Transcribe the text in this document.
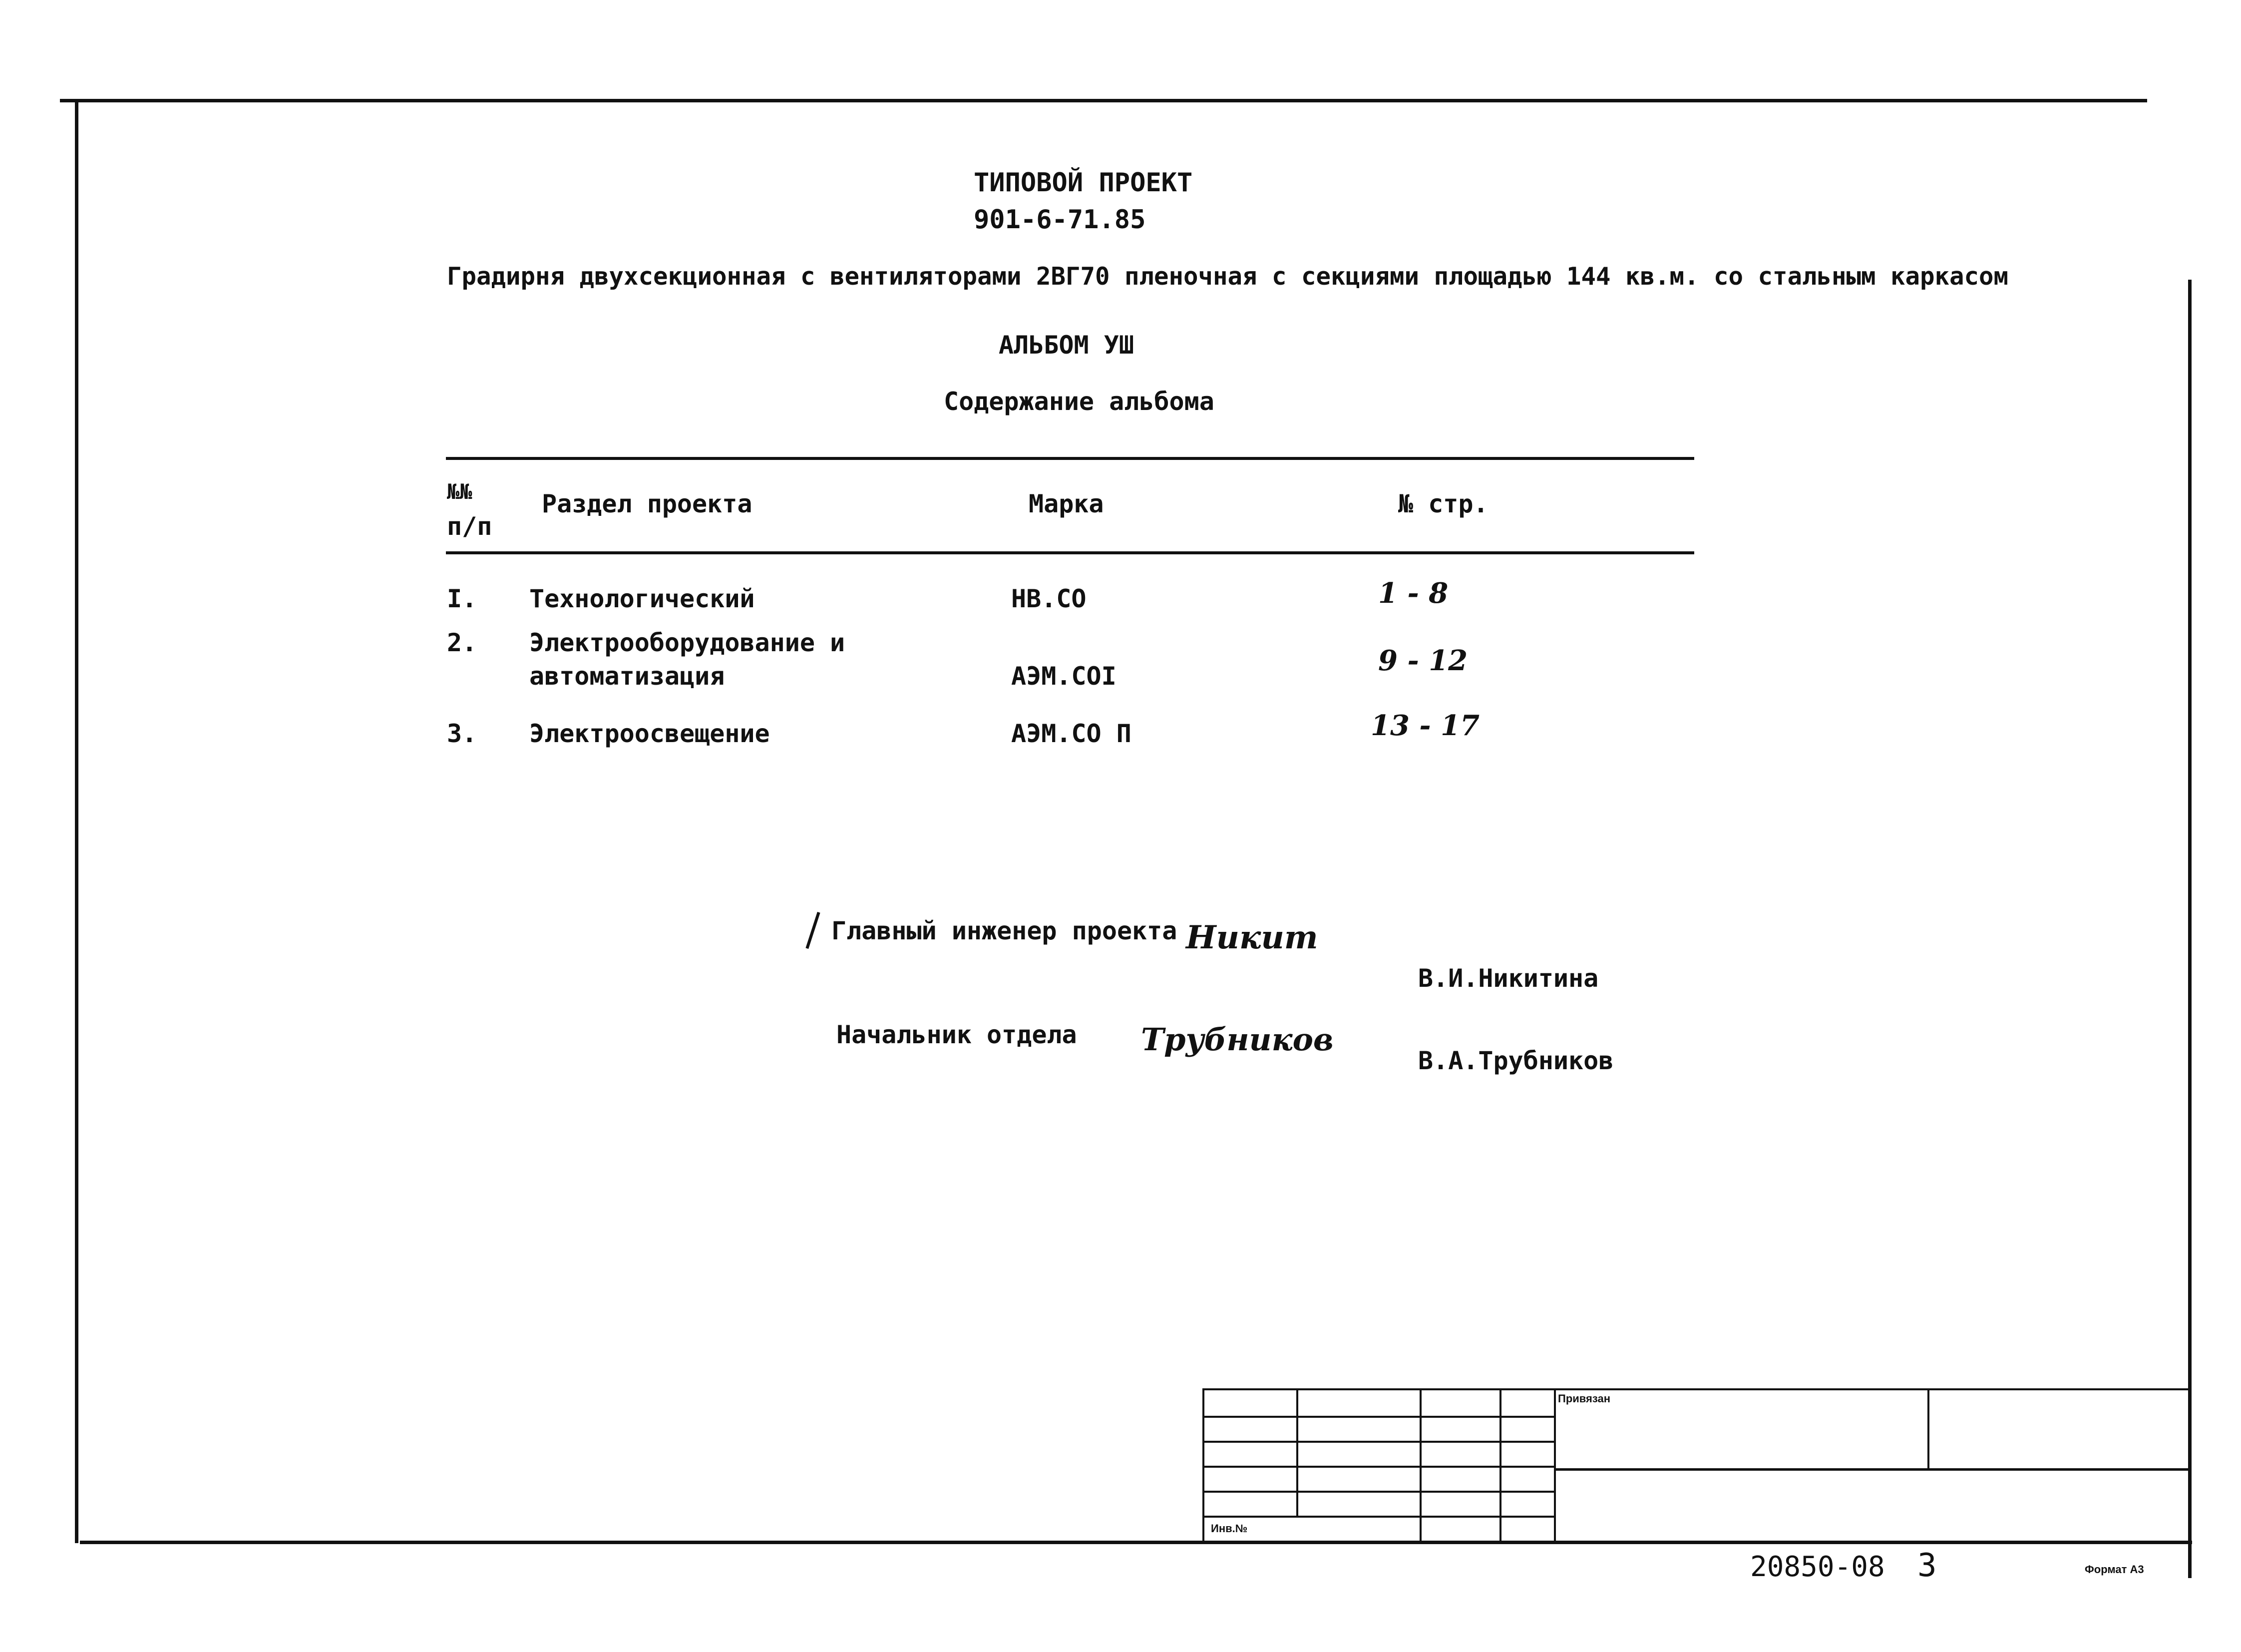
ТИПОВОЙ ПРОЕКТ
901-6-71.85
Градирня двухсекционная с вентиляторами 2ВГ70 пленочная с секциями площадью 144 кв.м. со стальным каркасом
АЛЬБОМ УШ
Содержание альбома
№№
п/п
Раздел проекта	Марка	№ стр.
I. Технологический	НВ.СО	1 - 8
2. Электрооборудование и
автоматизация	АЭМ.СОI	9 - 12
3. Электроосвещение	АЭМ.СО П	13 - 17
Главный инженер проекта Никит
В.И.Никитина
Начальник отдела Трубников
В.А.Трубников
Инв.№
Привязан
20850-08 3	Формат А3
